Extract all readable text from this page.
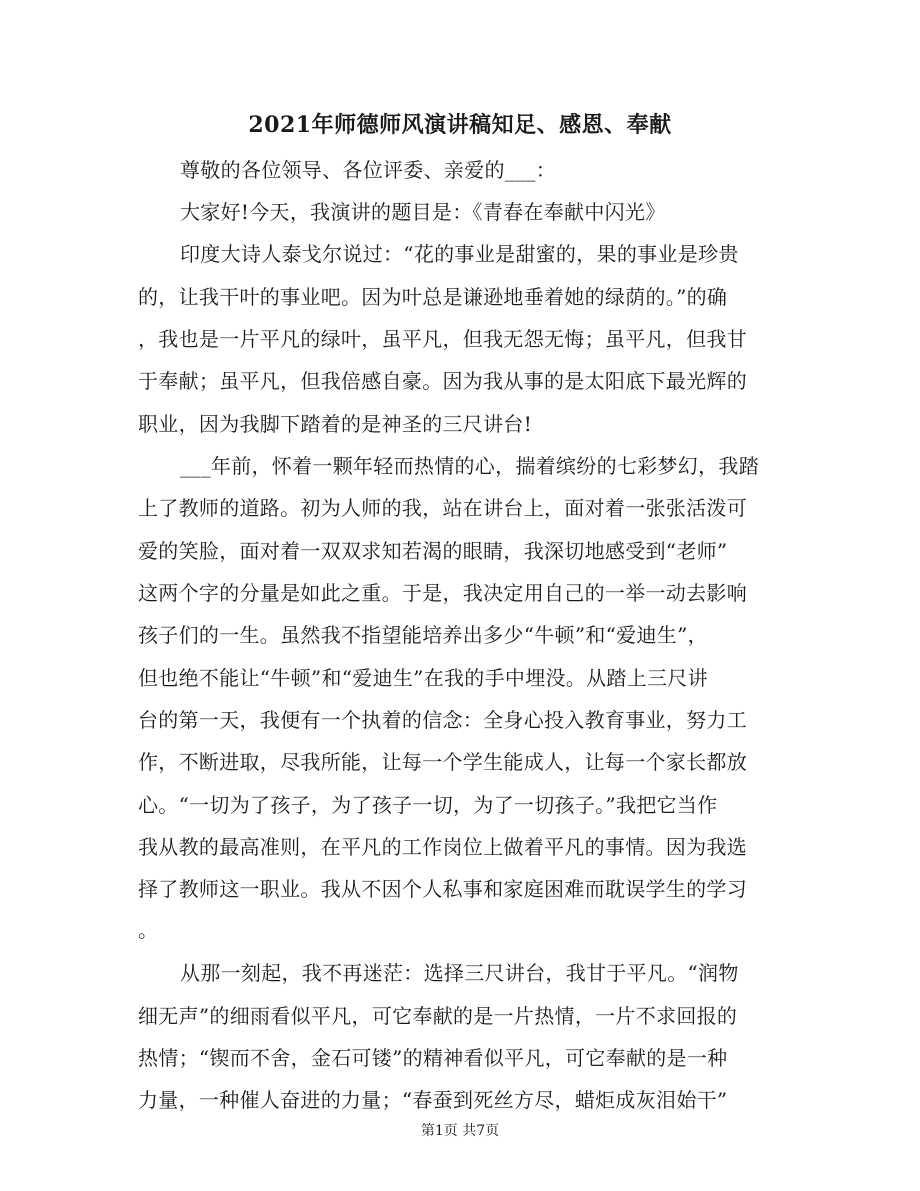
2021年师德师风演讲稿知足、感恩、奉献
尊敬的各位领导、各位评委、亲爱的___：
大家好!今天，我演讲的题目是：《青春在奉献中闪光》
印度大诗人泰戈尔说过：“花的事业是甜蜜的，果的事业是珍贵
的，让我干叶的事业吧。因为叶总是谦逊地垂着她的绿荫的。”的确
，我也是一片平凡的绿叶，虽平凡，但我无怨无悔；虽平凡，但我甘
于奉献；虽平凡，但我倍感自豪。因为我从事的是太阳底下最光辉的
职业，因为我脚下踏着的是神圣的三尺讲台!
___年前，怀着一颗年轻而热情的心，揣着缤纷的七彩梦幻，我踏
上了教师的道路。初为人师的我，站在讲台上，面对着一张张活泼可
爱的笑脸，面对着一双双求知若渴的眼睛，我深切地感受到“老师”
这两个字的分量是如此之重。于是，我决定用自己的一举一动去影响
孩子们的一生。虽然我不指望能培养出多少“牛顿”和“爱迪生”，
但也绝不能让“牛顿”和“爱迪生”在我的手中埋没。从踏上三尺讲
台的第一天，我便有一个执着的信念：全身心投入教育事业，努力工
作，不断进取，尽我所能，让每一个学生能成人，让每一个家长都放
心。“一切为了孩子，为了孩子一切，为了一切孩子。”我把它当作
我从教的最高准则，在平凡的工作岗位上做着平凡的事情。因为我选
择了教师这一职业。我从不因个人私事和家庭困难而耽误学生的学习
。
从那一刻起，我不再迷茫：选择三尺讲台，我甘于平凡。“润物
细无声”的细雨看似平凡，可它奉献的是一片热情，一片不求回报的
热情；“锲而不舍，金石可镂”的精神看似平凡，可它奉献的是一种
力量，一种催人奋进的力量；“春蚕到死丝方尽，蜡炬成灰泪始干”
第1页 共7页
